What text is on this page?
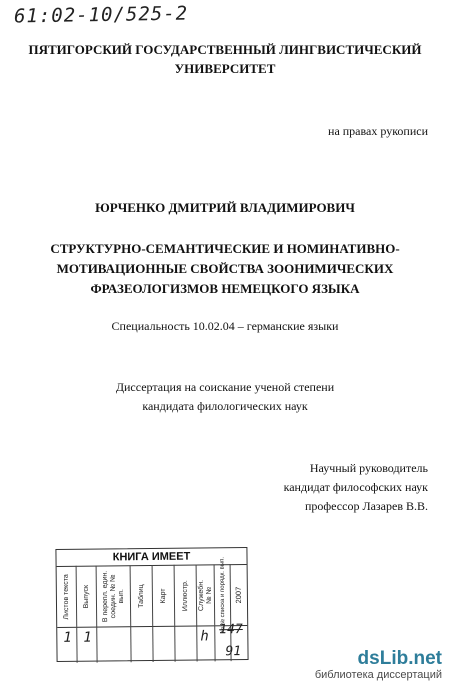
61:02-10/525-2
ПЯТИГОРСКИЙ ГОСУДАРСТВЕННЫЙ ЛИНГВИСТИЧЕСКИЙ
УНИВЕРСИТЕТ
на правах рукописи
ЮРЧЕНКО ДМИТРИЙ ВЛАДИМИРОВИЧ
СТРУКТУРНО-СЕМАНТИЧЕСКИЕ И НОМИНАТИВНО-
МОТИВАЦИОННЫЕ СВОЙСТВА ЗООНИМИЧЕСКИХ
ФРАЗЕОЛОГИЗМОВ НЕМЕЦКОГО ЯЗЫКА
Специальность 10.02.04 – германские языки
Диссертация на соискание ученой степени
кандидата филологических наук
Научный руководитель
кандидат философских наук
профессор Лазарев В.В.
КНИГА ИМЕЕТ
Листов текста Выпуск В перепл. един. соедин. № № вып. Таблиц Карт Иллюстр. Служебн. № № № № списка и порядк. вып. 2007
1 1	h 147
91	dsLib.net
библиотека диссертаций
